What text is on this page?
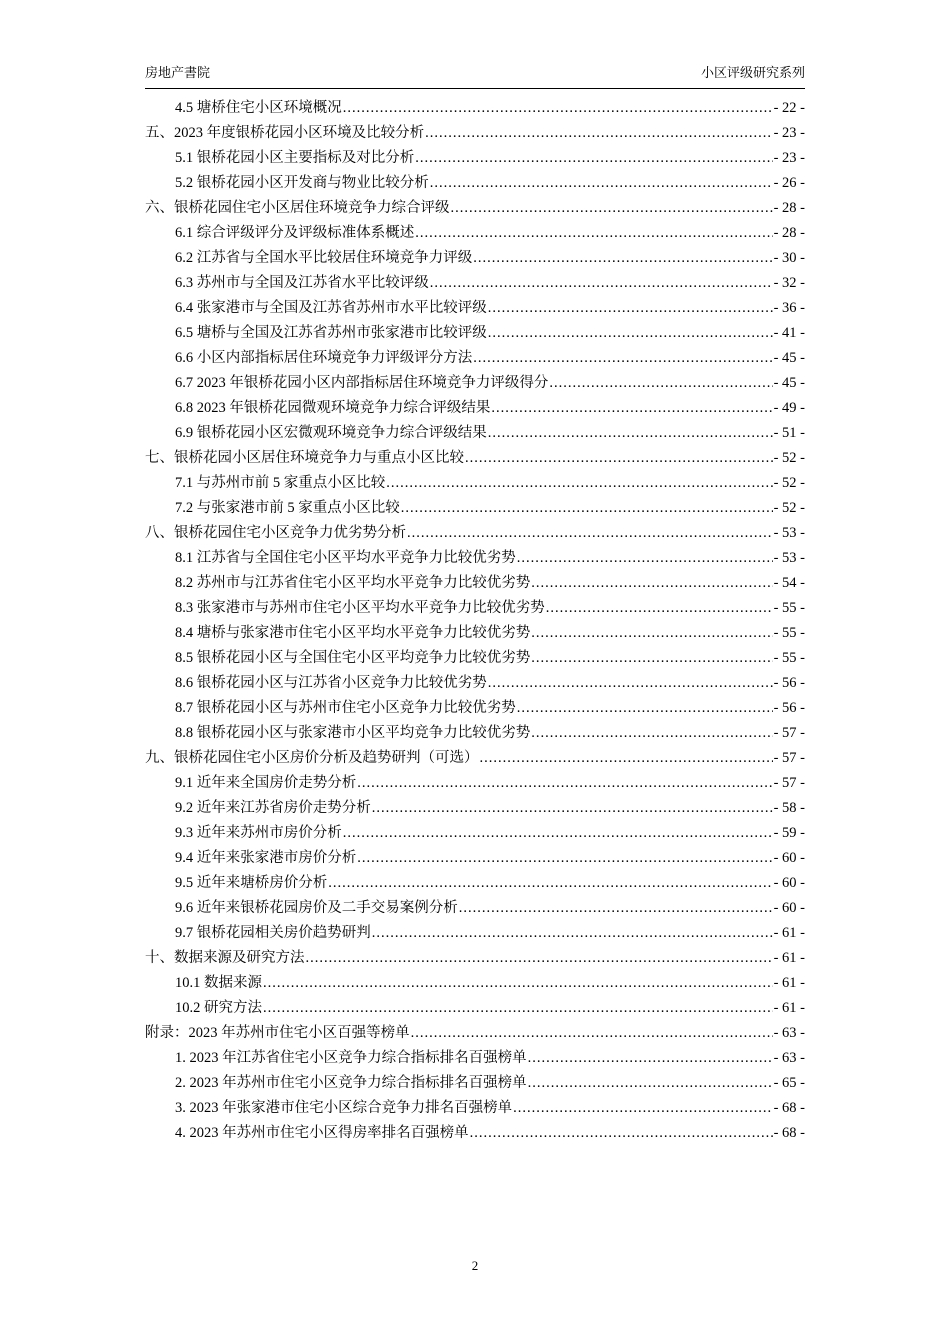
房地产書院	小区评级研究系列
4.5 塘桥住宅小区环境概况 .....	- 22 -
五、2023 年度银桥花园小区环境及比较分析 .....	- 23 -
5.1 银桥花园小区主要指标及对比分析 .....	- 23 -
5.2 银桥花园小区开发商与物业比较分析 .....	- 26 -
六、银桥花园住宅小区居住环境竞争力综合评级 .....	- 28 -
6.1 综合评级评分及评级标准体系概述 .....	- 28 -
6.2 江苏省与全国水平比较居住环境竞争力评级 .....	- 30 -
6.3 苏州市与全国及江苏省水平比较评级 .....	- 32 -
6.4 张家港市与全国及江苏省苏州市水平比较评级 .....	- 36 -
6.5 塘桥与全国及江苏省苏州市张家港市比较评级 .....	- 41 -
6.6 小区内部指标居住环境竞争力评级评分方法 .....	- 45 -
6.7 2023 年银桥花园小区内部指标居住环境竞争力评级得分 .....	- 45 -
6.8 2023 年银桥花园微观环境竞争力综合评级结果 .....	- 49 -
6.9 银桥花园小区宏微观环境竞争力综合评级结果 .....	- 51 -
七、银桥花园小区居住环境竞争力与重点小区比较 .....	- 52 -
7.1 与苏州市前 5 家重点小区比较 .....	- 52 -
7.2 与张家港市前 5 家重点小区比较 .....	- 52 -
八、银桥花园住宅小区竞争力优劣势分析 .....	- 53 -
8.1 江苏省与全国住宅小区平均水平竞争力比较优劣势 .....	- 53 -
8.2 苏州市与江苏省住宅小区平均水平竞争力比较优劣势 .....	- 54 -
8.3 张家港市与苏州市住宅小区平均水平竞争力比较优劣势 .....	- 55 -
8.4 塘桥与张家港市住宅小区平均水平竞争力比较优劣势 .....	- 55 -
8.5 银桥花园小区与全国住宅小区平均竞争力比较优劣势 .....	- 55 -
8.6 银桥花园小区与江苏省小区竞争力比较优劣势 .....	- 56 -
8.7 银桥花园小区与苏州市住宅小区竞争力比较优劣势 .....	- 56 -
8.8 银桥花园小区与张家港市小区平均竞争力比较优劣势 .....	- 57 -
九、银桥花园住宅小区房价分析及趋势研判（可选） .....	- 57 -
9.1 近年来全国房价走势分析 .....	- 57 -
9.2 近年来江苏省房价走势分析 .....	- 58 -
9.3 近年来苏州市房价分析 .....	- 59 -
9.4 近年来张家港市房价分析 .....	- 60 -
9.5 近年来塘桥房价分析 .....	- 60 -
9.6 近年来银桥花园房价及二手交易案例分析 .....	- 60 -
9.7 银桥花园相关房价趋势研判 .....	- 61 -
十、数据来源及研究方法 .....	- 61 -
10.1 数据来源 .....	- 61 -
10.2 研究方法 .....	- 61 -
附录：2023 年苏州市住宅小区百强等榜单 .....	- 63 -
1. 2023 年江苏省住宅小区竞争力综合指标排名百强榜单 .....	- 63 -
2. 2023 年苏州市住宅小区竞争力综合指标排名百强榜单 .....	- 65 -
3. 2023 年张家港市住宅小区综合竞争力排名百强榜单 .....	- 68 -
4. 2023 年苏州市住宅小区得房率排名百强榜单 .....	- 68 -
2
